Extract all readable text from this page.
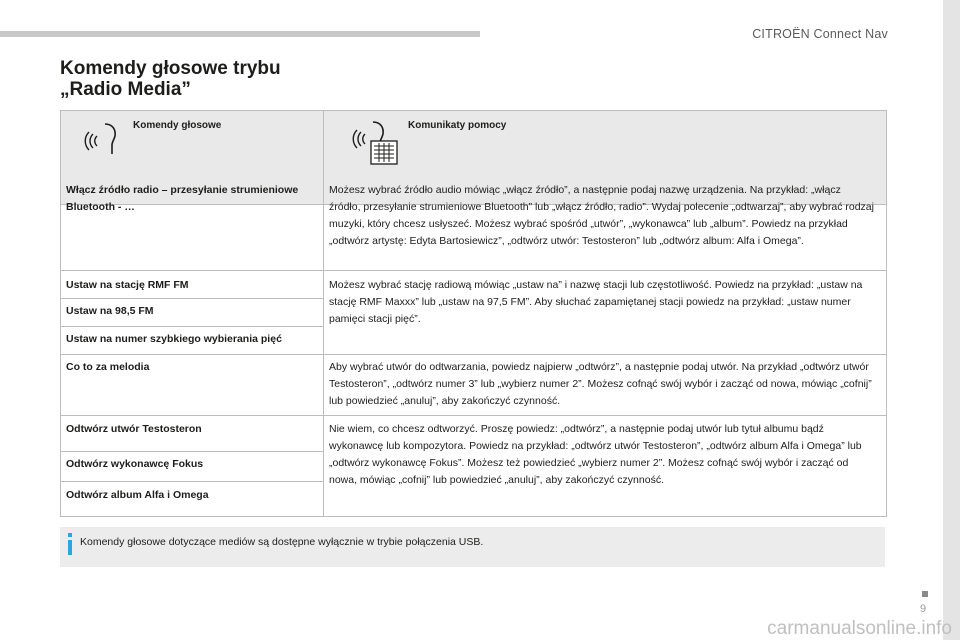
CITROËN Connect Nav
9
Komendy głosowe trybu
„Radio Media”
Komendy głosowe	Komunikaty pomocy
Włącz źródło radio – przesyłanie strumieniowe Bluetooth - …
Możesz wybrać źródło audio mówiąc „włącz źródło”, a następnie podaj nazwę urządzenia. Na przykład: „włącz źródło, przesyłanie strumieniowe Bluetooth” lub „włącz źródło, radio”. Wydaj polecenie „odtwarzaj”, aby wybrać rodzaj muzyki, który chcesz usłyszeć. Możesz wybrać spośród „utwór”, „wykonawca” lub „album”. Powiedz na przykład „odtwórz artystę: Edyta Bartosiewicz”, „odtwórz utwór: Testosteron” lub „odtwórz album: Alfa i Omega”.
Ustaw na stację RMF FM
Ustaw na 98,5 FM
Ustaw na numer szybkiego wybierania pięć
Możesz wybrać stację radiową mówiąc „ustaw na” i nazwę stacji lub częstotliwość. Powiedz na przykład: „ustaw na stację RMF Maxxx” lub „ustaw na 97,5 FM”. Aby słuchać zapamiętanej stacji powiedz na przykład: „ustaw numer pamięci stacji pięć”.
Co to za melodia	Aby wybrać utwór do odtwarzania, powiedz najpierw „odtwórz”, a następnie podaj utwór. Na przykład „odtwórz utwór Testosteron”, „odtwórz numer 3” lub „wybierz numer 2”. Możesz cofnąć swój wybór i zacząć od nowa, mówiąc „cofnij” lub powiedzieć „anuluj”, aby zakończyć czynność.
Odtwórz utwór Testosteron
Odtwórz wykonawcę Fokus
Odtwórz album Alfa i Omega
Nie wiem, co chcesz odtworzyć. Proszę powiedz: „odtwórz”, a następnie podaj utwór lub tytuł albumu bądź wykonawcę lub kompozytora. Powiedz na przykład: „odtwórz utwór Testosteron”, „odtwórz album Alfa i Omega” lub „odtwórz wykonawcę Fokus”. Możesz też powiedzieć „wybierz numer 2”. Możesz cofnąć swój wybór i zacząć od nowa, mówiąc „cofnij” lub powiedzieć „anuluj”, aby zakończyć czynność.
Komendy głosowe dotyczące mediów są dostępne wyłącznie w trybie połączenia USB.
carmanualsonline.info
